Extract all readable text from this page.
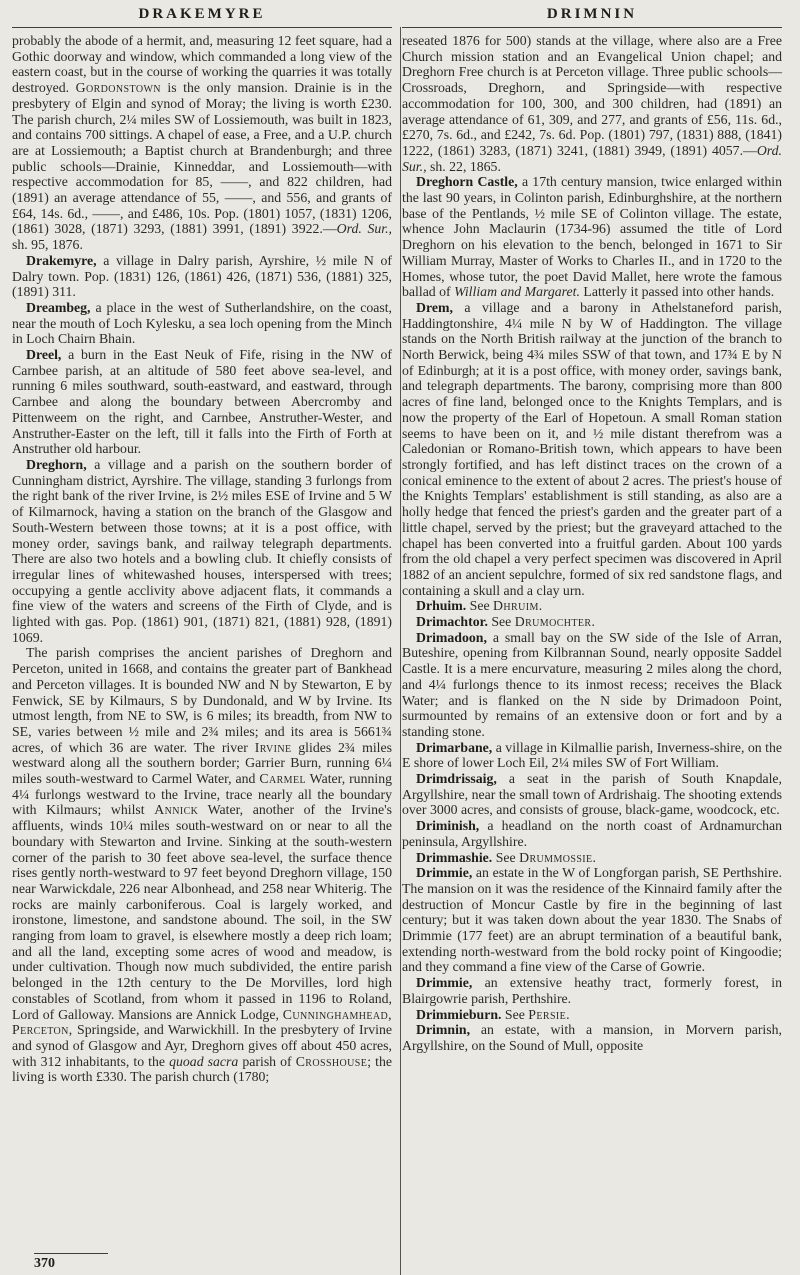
DRAKEMYRE	DRIMNIN

probably the abode of a hermit, and, measuring 12 feet square, had a Gothic doorway and window, which commanded a long view of the eastern coast, but in the course of working the quarries it was totally destroyed. Gordonstown is the only mansion. Drainie is in the presbytery of Elgin and synod of Moray; the living is worth £230. The parish church, 2¼ miles SW of Lossiemouth, was built in 1823, and contains 700 sittings. A chapel of ease, a Free, and a U.P. church are at Lossiemouth; a Baptist church at Brandenburgh; and three public schools—Drainie, Kinneddar, and Lossiemouth—with respective accommodation for 85, ——, and 822 children, had (1891) an average attendance of 55, ——, and 556, and grants of £64, 14s. 6d., ——, and £486, 10s. Pop. (1801) 1057, (1831) 1206, (1861) 3028, (1871) 3293, (1881) 3991, (1891) 3922.—Ord. Sur., sh. 95, 1876.

Drakemyre, a village in Dalry parish, Ayrshire, ½ mile N of Dalry town. Pop. (1831) 126, (1861) 426, (1871) 536, (1881) 325, (1891) 311.

Dreambeg, a place in the west of Sutherlandshire, on the coast, near the mouth of Loch Kylesku, a sea loch opening from the Minch in Loch Chairn Bhain.

Dreel, a burn in the East Neuk of Fife, rising in the NW of Carnbee parish, at an altitude of 580 feet above sea-level, and running 6 miles southward, south-eastward, and eastward, through Carnbee and along the boundary between Abercromby and Pittenweem on the right, and Carnbee, Anstruther-Wester, and Anstruther-Easter on the left, till it falls into the Firth of Forth at Anstruther old harbour.

Dreghorn, a village and a parish on the southern border of Cunningham district, Ayrshire. The village, standing 3 furlongs from the right bank of the river Irvine, is 2½ miles ESE of Irvine and 5 W of Kilmarnock, having a station on the branch of the Glasgow and South-Western between those towns; at it is a post office, with money order, savings bank, and railway telegraph departments. There are also two hotels and a bowling club. It chiefly consists of irregular lines of whitewashed houses, interspersed with trees; occupying a gentle acclivity above adjacent flats, it commands a fine view of the waters and screens of the Firth of Clyde, and is lighted with gas. Pop. (1861) 901, (1871) 821, (1881) 928, (1891) 1069.

The parish comprises the ancient parishes of Dreghorn and Perceton, united in 1668, and contains the greater part of Bankhead and Perceton villages. It is bounded NW and N by Stewarton, E by Fenwick, SE by Kilmaurs, S by Dundonald, and W by Irvine. Its utmost length, from NE to SW, is 6 miles; its breadth, from NW to SE, varies between ½ mile and 2¾ miles; and its area is 5661¾ acres, of which 36 are water. The river Irvine glides 2¾ miles westward along all the southern border; Garrier Burn, running 6¼ miles south-westward to Carmel Water, and Carmel Water, running 4¼ furlongs westward to the Irvine, trace nearly all the boundary with Kilmaurs; whilst Annick Water, another of the Irvine's affluents, winds 10¼ miles south-westward on or near to all the boundary with Stewarton and Irvine. Sinking at the south-western corner of the parish to 30 feet above sea-level, the surface thence rises gently north-westward to 97 feet beyond Dreghorn village, 150 near Warwickdale, 226 near Albonhead, and 258 near Whiterig. The rocks are mainly carboniferous. Coal is largely worked, and ironstone, limestone, and sandstone abound. The soil, in the SW ranging from loam to gravel, is elsewhere mostly a deep rich loam; and all the land, excepting some acres of wood and meadow, is under cultivation. Though now much subdivided, the entire parish belonged in the 12th century to the De Morvilles, lord high constables of Scotland, from whom it passed in 1196 to Roland, Lord of Galloway. Mansions are Annick Lodge, Cunninghamhead, Perceton, Springside, and Warwickhill. In the presbytery of Irvine and synod of Glasgow and Ayr, Dreghorn gives off about 450 acres, with 312 inhabitants, to the quoad sacra parish of Crosshouse; the living is worth £330. The parish church (1780;

reseated 1876 for 500) stands at the village, where also are a Free Church mission station and an Evangelical Union chapel; and Dreghorn Free church is at Perceton village. Three public schools—Crossroads, Dreghorn, and Springside—with respective accommodation for 100, 300, and 300 children, had (1891) an average attendance of 61, 309, and 277, and grants of £56, 11s. 6d., £270, 7s. 6d., and £242, 7s. 6d. Pop. (1801) 797, (1831) 888, (1841) 1222, (1861) 3283, (1871) 3241, (1881) 3949, (1891) 4057.—Ord. Sur., sh. 22, 1865.

Dreghorn Castle, a 17th century mansion, twice enlarged within the last 90 years, in Colinton parish, Edinburghshire, at the northern base of the Pentlands, ½ mile SE of Colinton village. The estate, whence John Maclaurin (1734-96) assumed the title of Lord Dreghorn on his elevation to the bench, belonged in 1671 to Sir William Murray, Master of Works to Charles II., and in 1720 to the Homes, whose tutor, the poet David Mallet, here wrote the famous ballad of William and Margaret. Latterly it passed into other hands.

Drem, a village and a barony in Athelstaneford parish, Haddingtonshire, 4¼ mile N by W of Haddington. The village stands on the North British railway at the junction of the branch to North Berwick, being 4¾ miles SSW of that town, and 17¾ E by N of Edinburgh; at it is a post office, with money order, savings bank, and telegraph departments. The barony, comprising more than 800 acres of fine land, belonged once to the Knights Templars, and is now the property of the Earl of Hopetoun. A small Roman station seems to have been on it, and ½ mile distant therefrom was a Caledonian or Romano-British town, which appears to have been strongly fortified, and has left distinct traces on the crown of a conical eminence to the extent of about 2 acres. The priest's house of the Knights Templars' establishment is still standing, as also are a holly hedge that fenced the priest's garden and the greater part of a little chapel, served by the priest; but the graveyard attached to the chapel has been converted into a fruitful garden. About 100 yards from the old chapel a very perfect specimen was discovered in April 1882 of an ancient sepulchre, formed of six red sandstone flags, and containing a skull and a clay urn.

Drhuim. See Dhruim.

Drimachtor. See Drumochter.

Drimadoon, a small bay on the SW side of the Isle of Arran, Buteshire, opening from Kilbrannan Sound, nearly opposite Saddel Castle. It is a mere encurvature, measuring 2 miles along the chord, and 4¼ furlongs thence to its inmost recess; receives the Black Water; and is flanked on the N side by Drimadoon Point, surmounted by remains of an extensive doon or fort and by a standing stone.

Drimarbane, a village in Kilmallie parish, Inverness-shire, on the E shore of lower Loch Eil, 2¼ miles SW of Fort William.

Drimdrissaig, a seat in the parish of South Knapdale, Argyllshire, near the small town of Ardrishaig. The shooting extends over 3000 acres, and consists of grouse, black-game, woodcock, etc.

Driminish, a headland on the north coast of Ardnamurchan peninsula, Argyllshire.

Drimmashie. See Drummossie.

Drimmie, an estate in the W of Longforgan parish, SE Perthshire. The mansion on it was the residence of the Kinnaird family after the destruction of Moncur Castle by fire in the beginning of last century; but it was taken down about the year 1830. The Snabs of Drimmie (177 feet) are an abrupt termination of a beautiful bank, extending north-westward from the bold rocky point of Kingoodie; and they command a fine view of the Carse of Gowrie.

Drimmie, an extensive heathy tract, formerly forest, in Blairgowrie parish, Perthshire.

Drimmieburn. See Persie.

Drimnin, an estate, with a mansion, in Morvern parish, Argyllshire, on the Sound of Mull, opposite

370
